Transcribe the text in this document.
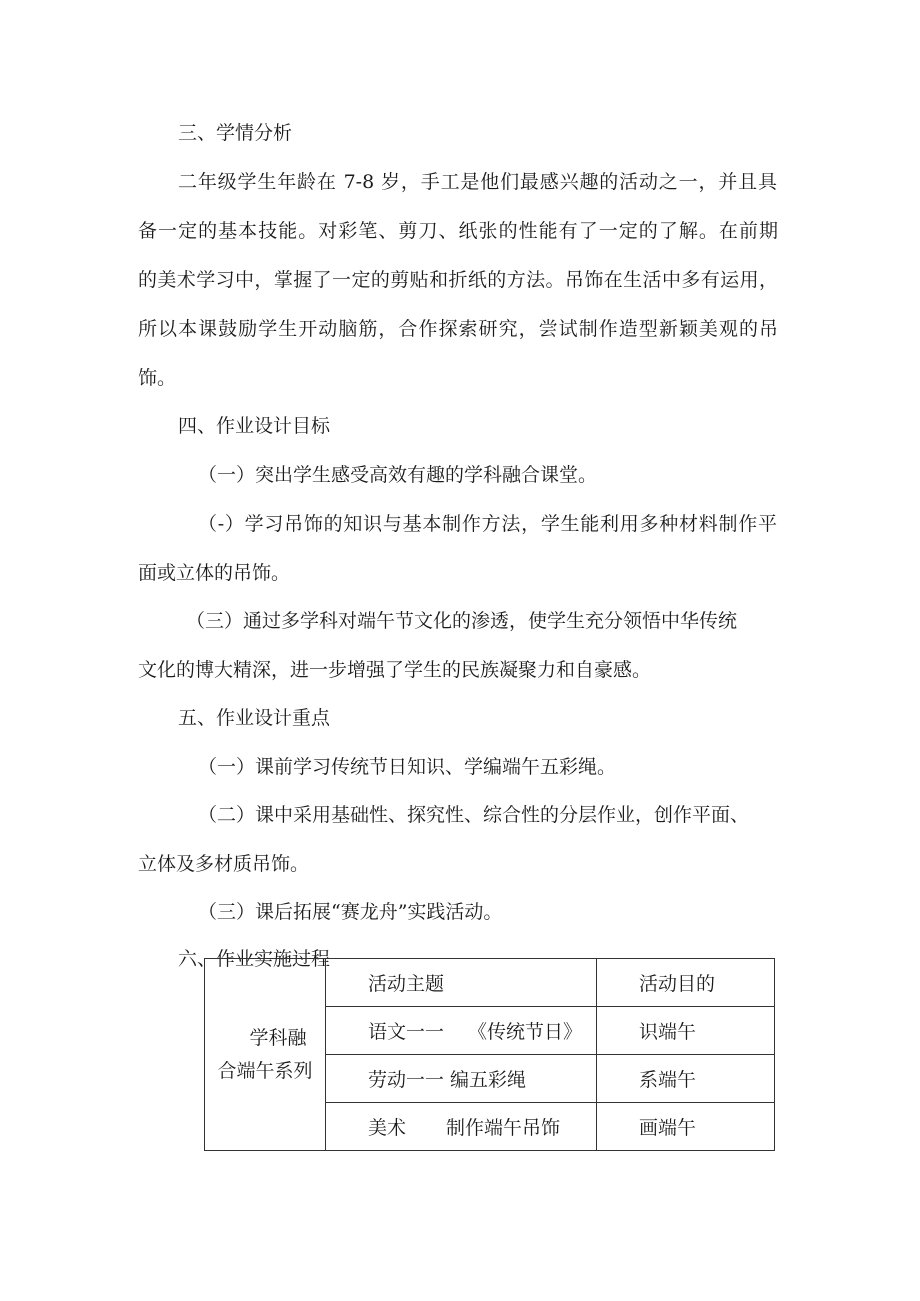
三、学情分析
二年级学生年龄在 7-8 岁，手工是他们最感兴趣的活动之一，并且具
备一定的基本技能。对彩笔、剪刀、纸张的性能有了一定的了解。在前期
的美术学习中，掌握了一定的剪贴和折纸的方法。吊饰在生活中多有运用，
所以本课鼓励学生开动脑筋，合作探索研究，尝试制作造型新颖美观的吊
饰。
四、作业设计目标
（一）突出学生感受高效有趣的学科融合课堂。
（-）学习吊饰的知识与基本制作方法，学生能利用多种材料制作平
面或立体的吊饰。
（三）通过多学科对端午节文化的渗透，使学生充分领悟中华传统
文化的博大精深，进一步增强了学生的民族凝聚力和自豪感。
五、作业设计重点
（一）课前学习传统节日知识、学编端午五彩绳。
（二）课中采用基础性、探究性、综合性的分层作业，创作平面、
立体及多材质吊饰。
（三）课后拓展“赛龙舟”实践活动。
六、作业实施过程
学科融
合端午系列	活动主题	活动目的
	语文一一 《传统节日》	识端午
	劳动一一 编五彩绳	系端午
	美术 制作端午吊饰	画端午
